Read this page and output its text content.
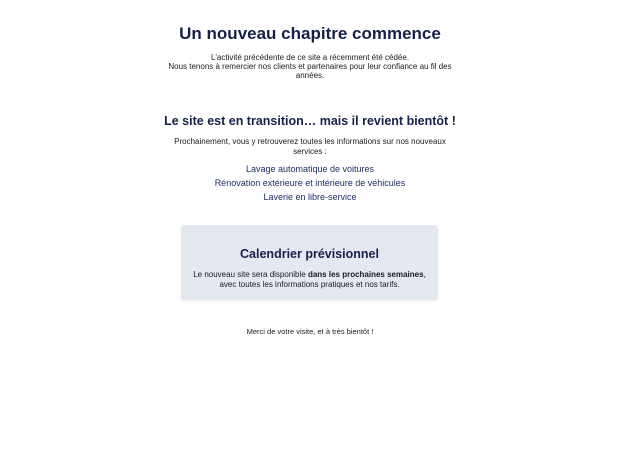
Un nouveau chapitre commence
L'activité précédente de ce site a récemment été cédée.
Nous tenons à remercier nos clients et partenaires pour leur confiance au fil des années.
Le site est en transition… mais il revient bientôt !
Prochainement, vous y retrouverez toutes les informations sur nos nouveaux services :
Lavage automatique de voitures
Rénovation extérieure et intérieure de véhicules
Laverie en libre-service
Calendrier prévisionnel
Le nouveau site sera disponible dans les prochaines semaines, avec toutes les informations pratiques et nos tarifs.
Merci de votre visite, et à très bientôt !
